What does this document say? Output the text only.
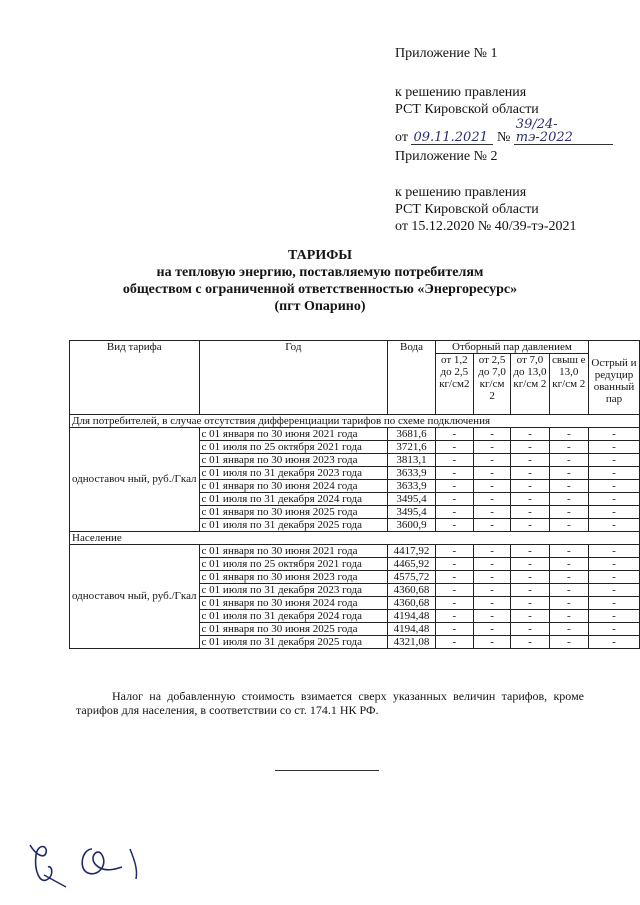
Приложение № 1
к решению правления
РСТ Кировской области
от 09.11.2021 № 39/24-тэ-2022
Приложение № 2
к решению правления
РСТ Кировской области
от 15.12.2020 № 40/39-тэ-2021
ТАРИФЫ
на тепловую энергию, поставляемую потребителям
обществом с ограниченной ответственностью «Энергоресурс»
(пгт Опарино)
Вид тарифа	Год	Вода	Отборный пар давлением				Острый и редуцир ованный пар
			от 1,2 до 2,5 кг/см2	от 2,5 до 7,0 кг/см 2	от 7,0 до 13,0 кг/см 2	свыш е 13,0 кг/см 2	
Для потребителей, в случае отсутствия дифференциации тарифов по схеме подключения							
одноставоч ный, руб./Гкал	с 01 января по 30 июня 2021 года	3681,6	-	-	-	-	-
	с 01 июля по 25 октября 2021 года	3721,6	-	-	-	-	-
	с 01 января по 30 июня 2023 года	3813,1	-	-	-	-	-
	с 01 июля по 31 декабря 2023 года	3633,9	-	-	-	-	-
	с 01 января по 30 июня 2024 года	3633,9	-	-	-	-	-
	с 01 июля по 31 декабря 2024 года	3495,4	-	-	-	-	-
	с 01 января по 30 июня 2025 года	3495,4	-	-	-	-	-
	с 01 июля по 31 декабря 2025 года	3600,9	-	-	-	-	-
Население							
одноставоч ный, руб./Гкал	с 01 января по 30 июня 2021 года	4417,92	-	-	-	-	-
	с 01 июля по 25 октября 2021 года	4465,92	-	-	-	-	-
	с 01 января по 30 июня 2023 года	4575,72	-	-	-	-	-
	с 01 июля по 31 декабря 2023 года	4360,68	-	-	-	-	-
	с 01 января по 30 июня 2024 года	4360,68	-	-	-	-	-
	с 01 июля по 31 декабря 2024 года	4194,48	-	-	-	-	-
	с 01 января по 30 июня 2025 года	4194,48	-	-	-	-	-
	с 01 июля по 31 декабря 2025 года	4321,08	-	-	-	-	-

Налог на добавленную стоимость взимается сверх указанных величин тарифов, кроме тарифов для населения, в соответствии со ст. 174.1 НК РФ.
